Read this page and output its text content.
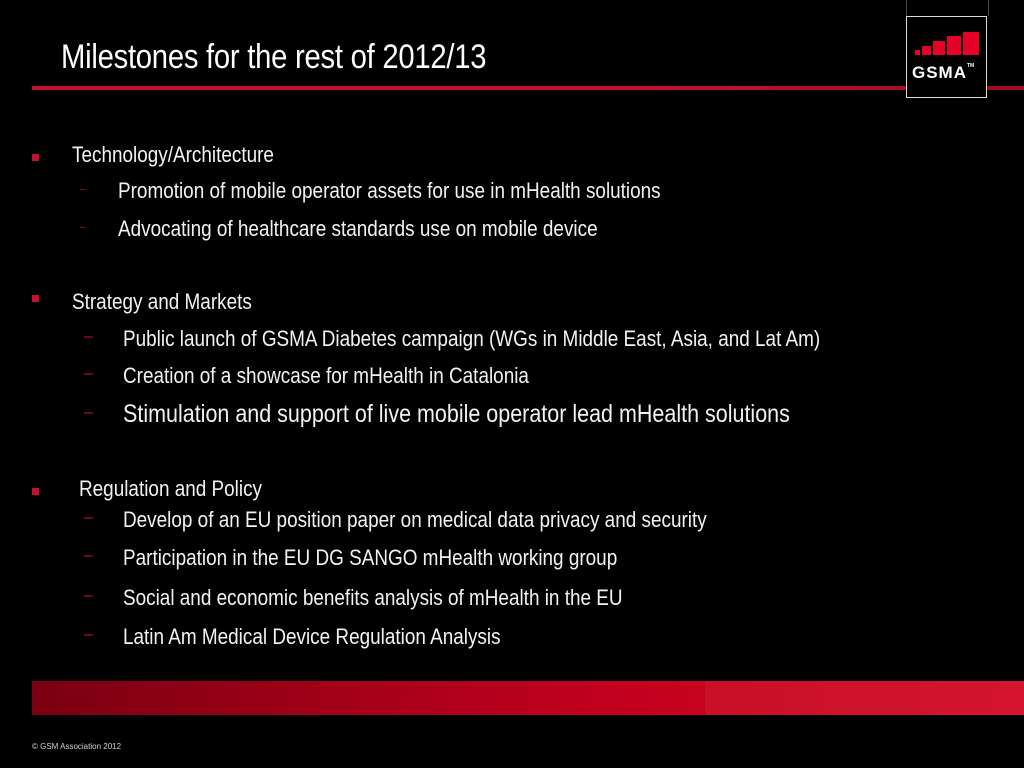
Milestones for the rest of 2012/13	GSMA™
Technology/Architecture
– Promotion of mobile operator assets for use in mHealth solutions
– Advocating of healthcare standards use on mobile device
Strategy and Markets
– Public launch of GSMA Diabetes campaign (WGs in Middle East, Asia, and Lat Am)
– Creation of a showcase for mHealth in Catalonia
– Stimulation and support of live mobile operator lead mHealth solutions
Regulation and Policy
– Develop of an EU position paper on medical data privacy and security
– Participation in the EU DG SANGO mHealth working group
– Social and economic benefits analysis of mHealth in the EU
– Latin Am Medical Device Regulation Analysis
© GSM Association 2012
